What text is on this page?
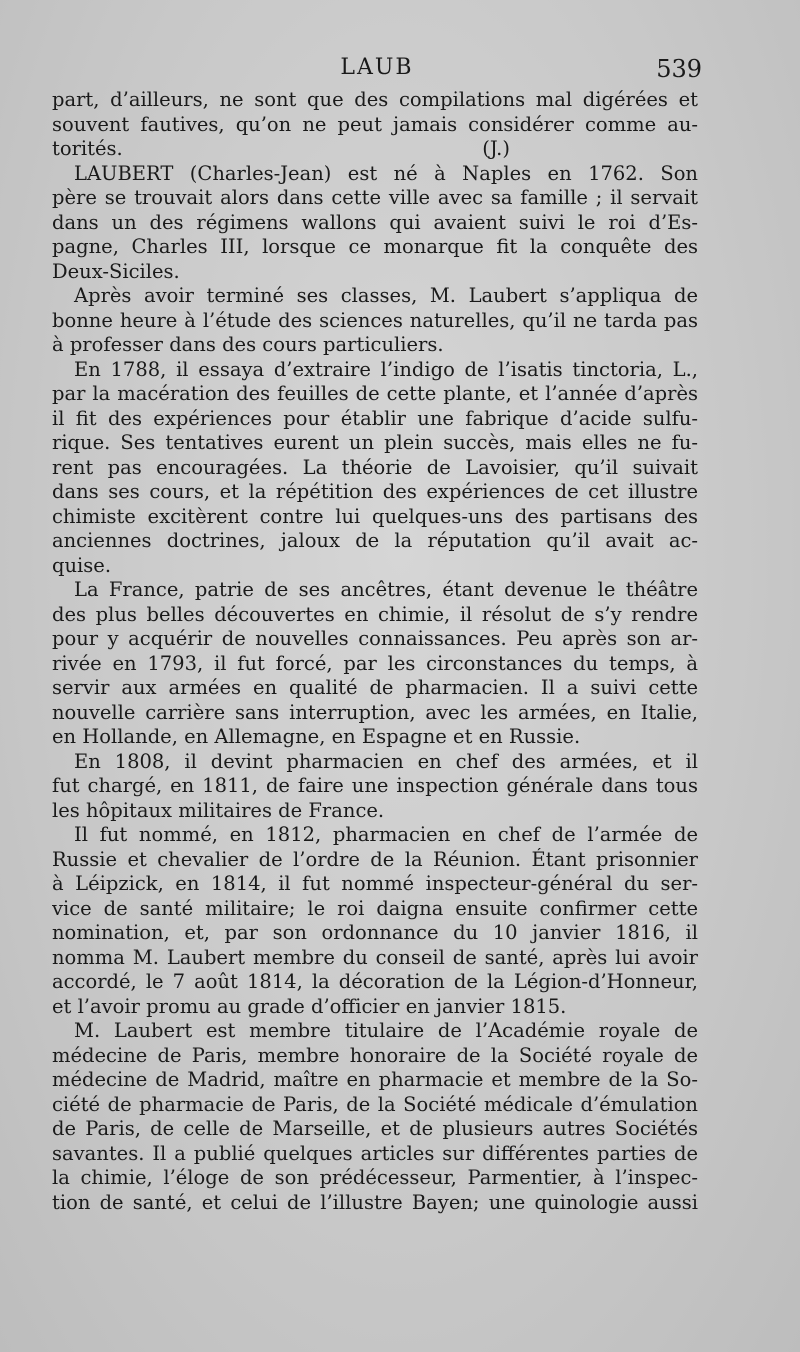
LAUB	539
part, d’ailleurs, ne sont que des compilations mal digérées et
souvent fautives, qu’on ne peut jamais considérer comme au-
torités.                                                          (J.)
LAUBERT (Charles-Jean) est né à Naples en 1762. Son
père se trouvait alors dans cette ville avec sa famille ; il servait
dans un des régimens wallons qui avaient suivi le roi d’Es-
pagne, Charles III, lorsque ce monarque fit la conquête des
Deux-Siciles.
Après avoir terminé ses classes, M. Laubert s’appliqua de
bonne heure à l’étude des sciences naturelles, qu’il ne tarda pas
à professer dans des cours particuliers.
En 1788, il essaya d’extraire l’indigo de l’isatis tinctoria, L.,
par la macération des feuilles de cette plante, et l’année d’après
il fit des expériences pour établir une fabrique d’acide sulfu-
rique. Ses tentatives eurent un plein succès, mais elles ne fu-
rent pas encouragées. La théorie de Lavoisier, qu’il suivait
dans ses cours, et la répétition des expériences de cet illustre
chimiste excitèrent contre lui quelques-uns des partisans des
anciennes doctrines, jaloux de la réputation qu’il avait ac-
quise.
La France, patrie de ses ancêtres, étant devenue le théâtre
des plus belles découvertes en chimie, il résolut de s’y rendre
pour y acquérir de nouvelles connaissances. Peu après son ar-
rivée en 1793, il fut forcé, par les circonstances du temps, à
servir aux armées en qualité de pharmacien. Il a suivi cette
nouvelle carrière sans interruption, avec les armées, en Italie,
en Hollande, en Allemagne, en Espagne et en Russie.
En 1808, il devint pharmacien en chef des armées, et il
fut chargé, en 1811, de faire une inspection générale dans tous
les hôpitaux militaires de France.
Il fut nommé, en 1812, pharmacien en chef de l’armée de
Russie et chevalier de l’ordre de la Réunion. Étant prisonnier
à Léipzick, en 1814, il fut nommé inspecteur-général du ser-
vice de santé militaire; le roi daigna ensuite confirmer cette
nomination, et, par son ordonnance du 10 janvier 1816, il
nomma M. Laubert membre du conseil de santé, après lui avoir
accordé, le 7 août 1814, la décoration de la Légion-d’Honneur,
et l’avoir promu au grade d’officier en janvier 1815.
M. Laubert est membre titulaire de l’Académie royale de
médecine de Paris, membre honoraire de la Société royale de
médecine de Madrid, maître en pharmacie et membre de la So-
ciété de pharmacie de Paris, de la Société médicale d’émulation
de Paris, de celle de Marseille, et de plusieurs autres Sociétés
savantes. Il a publié quelques articles sur différentes parties de
la chimie, l’éloge de son prédécesseur, Parmentier, à l’inspec-
tion de santé, et celui de l’illustre Bayen; une quinologie aussi
